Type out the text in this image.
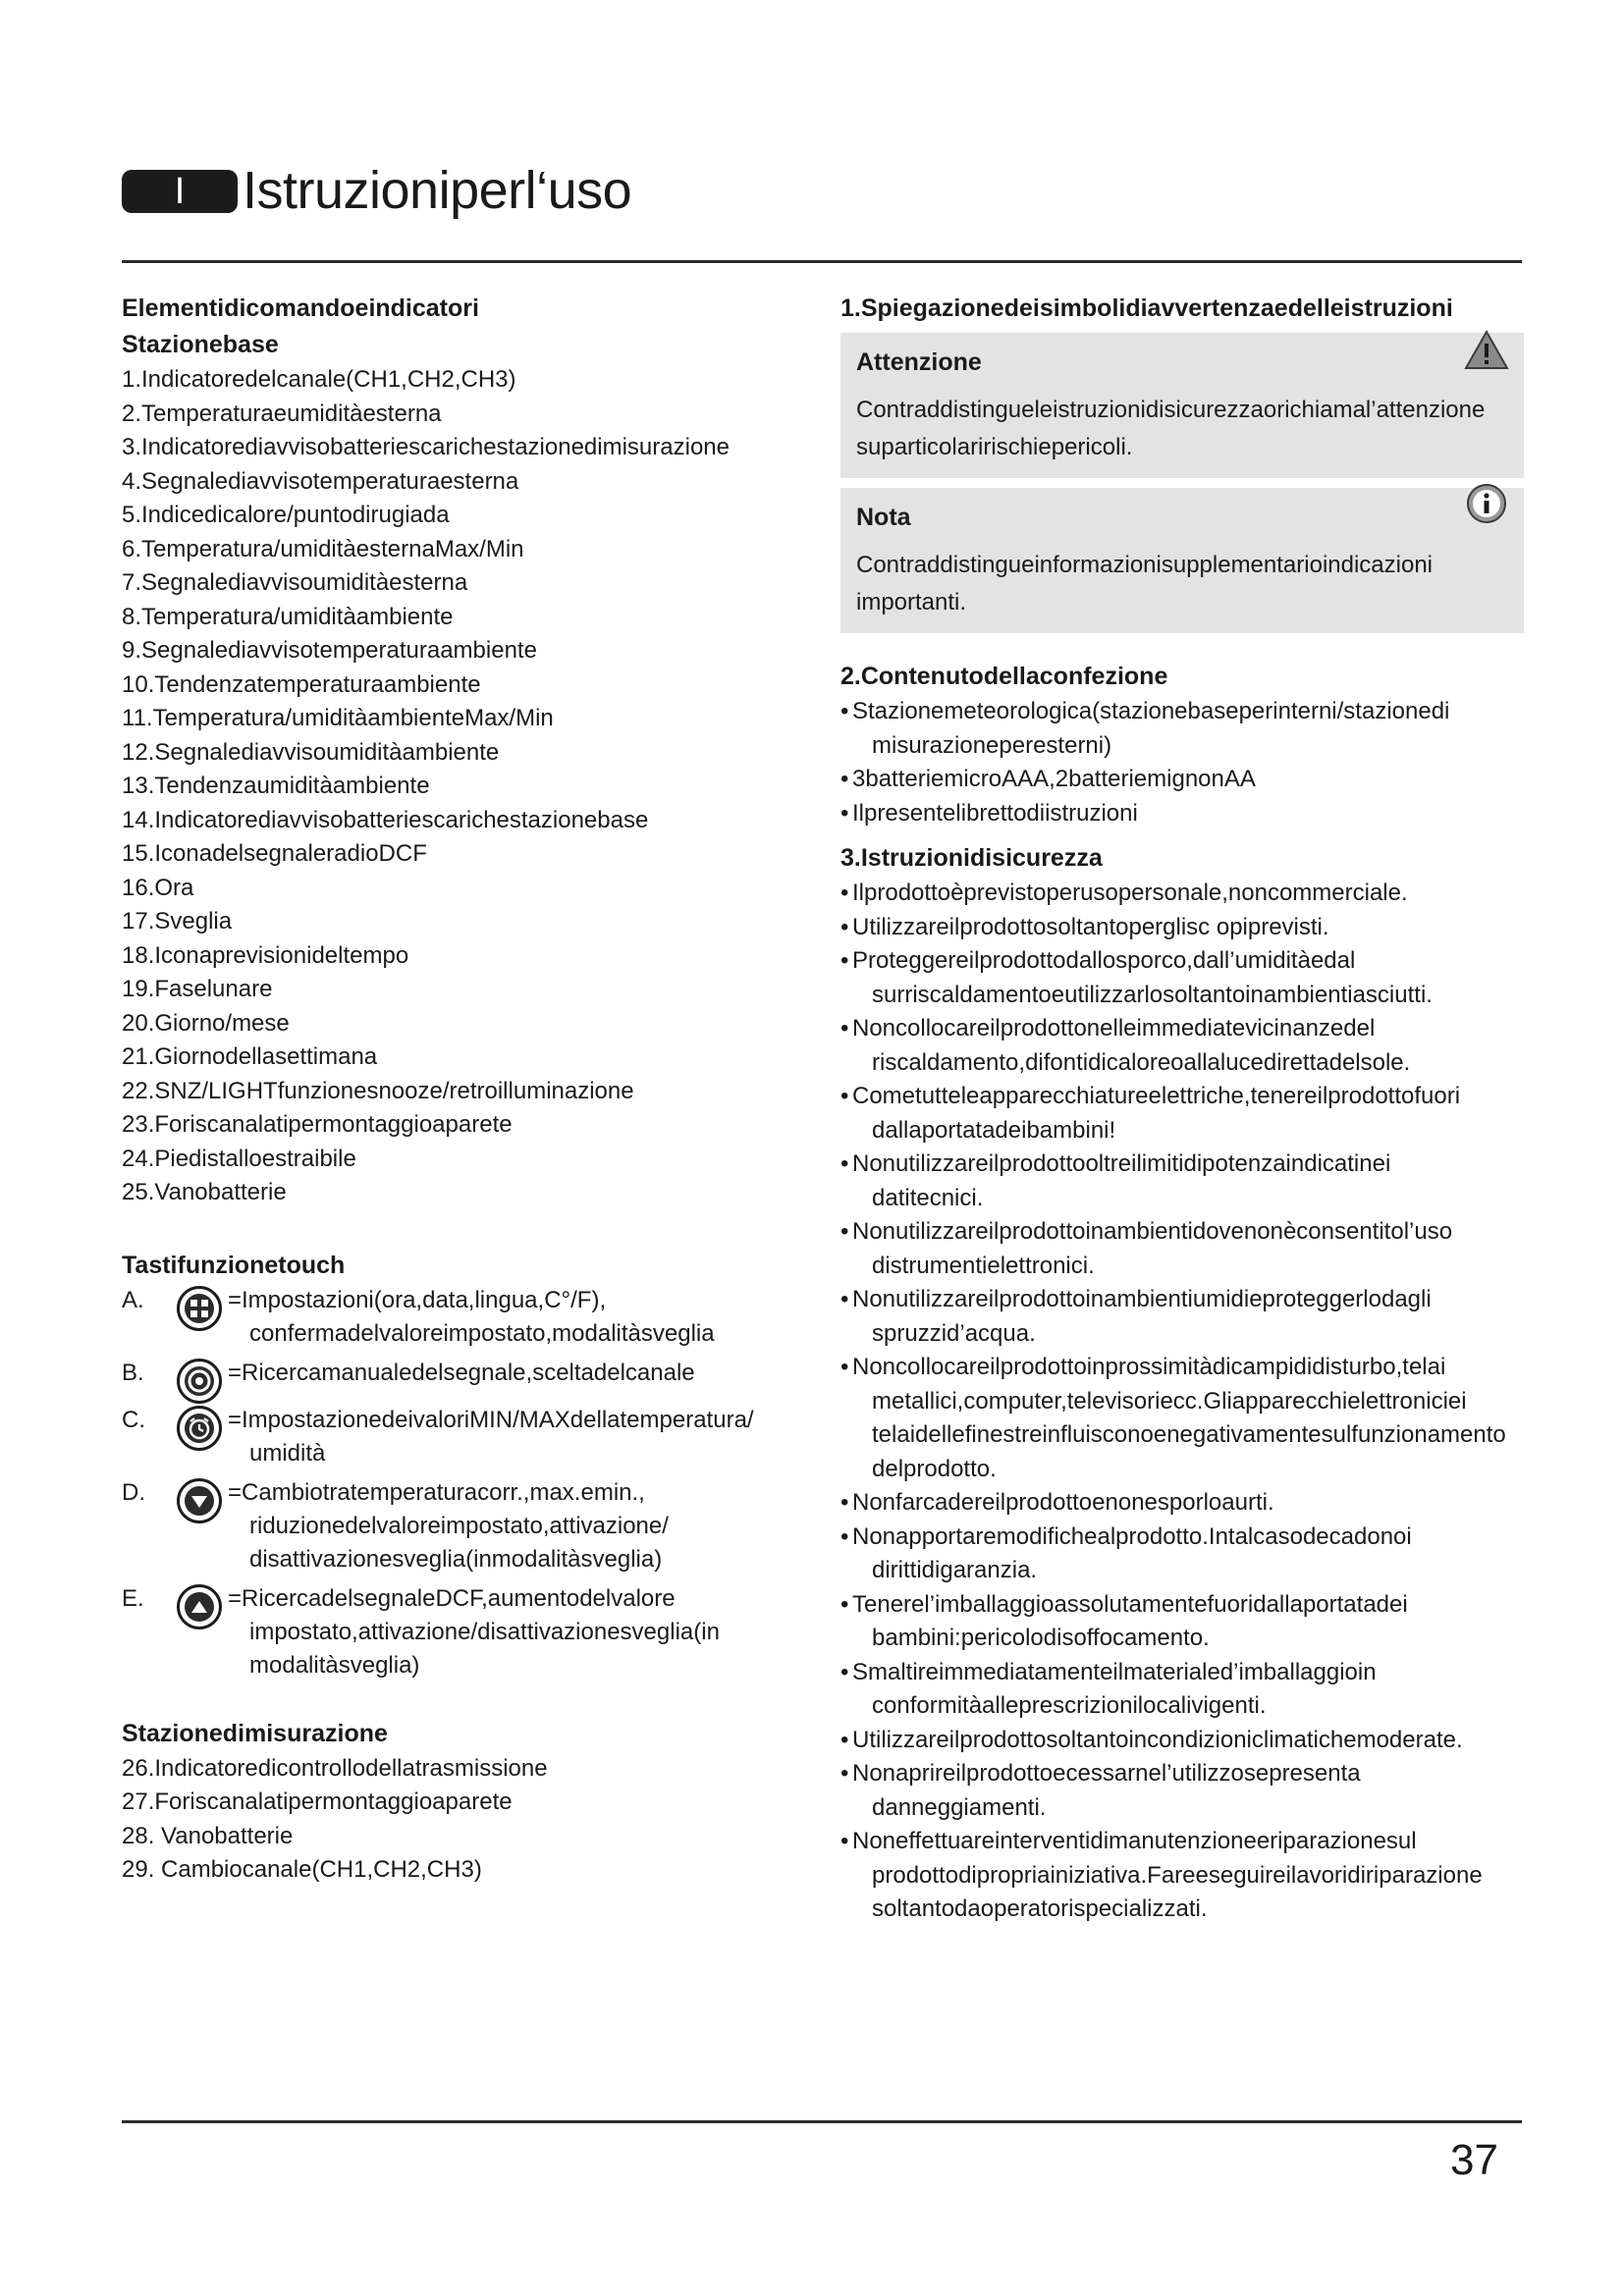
I	Istruzioniperl‘uso
Elementidicomandoeindicatori
Stazionebase
1.Indicatoredelcanale(CH1,CH2,CH3)
2.Temperaturaeumiditàesterna
3.Indicatorediavvisobatteriescarichestazionedimisurazione
4.Segnalediavvisotemperaturaesterna
5.Indicedicalore/puntodirugiada
6.Temperatura/umiditàesternaMax/Min
7.Segnalediavvisoumiditàesterna
8.Temperatura/umiditàambiente
9.Segnalediavvisotemperaturaambiente
10.Tendenzatemperaturaambiente
11.Temperatura/umiditàambienteMax/Min
12.Segnalediavvisoumiditàambiente
13.Tendenzaumiditàambiente
14.Indicatorediavvisobatteriescarichestazionebase
15.IconadelsegnaleradioDCF
16.Ora
17.Sveglia
18.Iconaprevisionideltempo
19.Faselunare
20.Giorno/mese
21.Giornodellasettimana
22.SNZ/LIGHTfunzionesnooze/retroilluminazione
23.Foriscanalatipermontaggioaparete
24.Piedistalloestraibile
25.Vanobatterie
Tastifunzionetouch
A.	=Impostazioni(ora,data,lingua,C°/F),
confermadelvaloreimpostato,modalitàsveglia
B.	=Ricercamanualedelsegnale,sceltadelcanale
C.	=ImpostazionedeivaloriMIN/MAXdellatemperatura/
umidità
D.	=Cambiotratemperaturacorr.,max.emin.,
riduzionedelvaloreimpostato,attivazione/
disattivazionesveglia(inmodalitàsveglia)
E.	=RicercadelsegnaleDCF,aumentodelvalore
impostato,attivazione/disattivazionesveglia(in
modalitàsveglia)
Stazionedimisurazione
26.Indicatoredicontrollodellatrasmissione
27.Foriscanalatipermontaggioaparete
28. Vanobatterie
29. Cambiocanale(CH1,CH2,CH3)
1.Spiegazionedeisimbolidiavvertenzaedelleistruzioni
Attenzione
Contraddistingueleistruzionidisicurezzaorichiamal’attenzione
suparticolaririschiepericoli.
Nota
Contraddistingueinformazionisupplementarioindicazioni
importanti.
2.Contenutodellaconfezione
• Stazionemeteorologica(stazionebaseperinterni/stazionedi
misurazioneperesterni)
• 3batteriemicroAAA,2batteriemignonAA
• Ilpresentelibrettodiistruzioni
3.Istruzionidisicurezza
• Ilprodottoèprevistoperusopersonale,noncommerciale.
• Utilizzareilprodottosoltantoperglisc opiprevisti.
• Proteggereilprodottodallosporco,dall’umiditàedal
surriscaldamentoeutilizzarlosoltantoinambientiasciutti.
• Noncollocareilprodottonelleimmediatevicinanzedel
riscaldamento,difontidicaloreoallalucedirettadelsole.
• Cometutteleapparecchiatureelettriche,tenereilprodottofuori
dallaportatadeibambini!
• Nonutilizzareilprodottooltreilimitidipotenzaindicatinei
datitecnici.
• Nonutilizzareilprodottoinambientidovenonèconsentitol’uso
distrumentielettronici.
• Nonutilizzareilprodottoinambientiumidieproteggerlodagli
spruzzid’acqua.
• Noncollocareilprodottoinprossimitàdicampididisturbo,telai
metallici,computer,televisoriecc.Gliapparecchielettroniciei
telaidellefinestreinfluisconoenegativamentesulfunzionamento
delprodotto.
• Nonfarcadereilprodottoenonesporloaurti.
• Nonapportaremodifichealprodotto.Intalcasodecadonoi
dirittidigaranzia.
• Tenerel’imballaggioassolutamentefuoridallaportatadei
bambini:pericolodisoffocamento.
• Smaltireimmediatamenteilmaterialed’imballaggioin
conformitàalleprescrizionilocalivigenti.
• Utilizzareilprodottosoltantoincondizioniclimatichemoderate.
• Nonaprireilprodottoecessarnel’utilizzosepresenta
danneggiamenti.
• Noneffettuareinterventidimanutenzioneeriparazionesul
prodottodipropriainiziativa.Fareeseguireilavoridiriparazione
soltantodaoperatorispecializzati.
37
